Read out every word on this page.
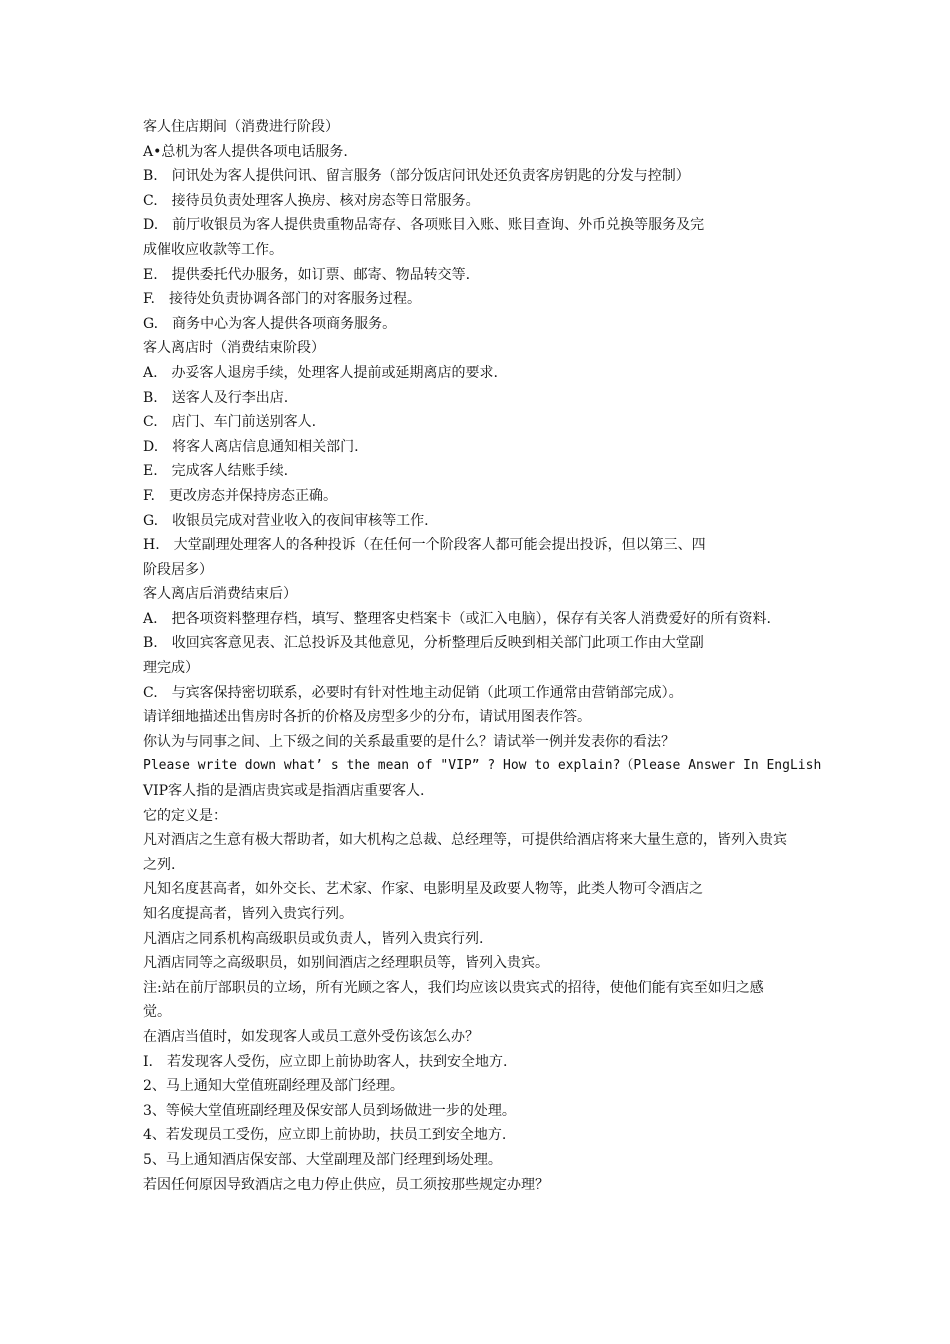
客人住店期间（消费进行阶段）
A•总机为客人提供各项电话服务.
B.　问讯处为客人提供问讯、留言服务（部分饭店问讯处还负责客房钥匙的分发与控制）
C.　接待员负责处理客人换房、核对房态等日常服务。
D.　前厅收银员为客人提供贵重物品寄存、各项账目入账、账目查询、外币兑换等服务及完
成催收应收款等工作。
E.　提供委托代办服务，如订票、邮寄、物品转交等.
F.　接待处负责协调各部门的对客服务过程。
G.　商务中心为客人提供各项商务服务。
客人离店时（消费结束阶段）
A.　办妥客人退房手续，处理客人提前或延期离店的要求.
B.　送客人及行李出店.
C.　店门、车门前送别客人.
D.　将客人离店信息通知相关部门.
E.　完成客人结账手续.
F.　更改房态并保持房态正确。
G.　收银员完成对营业收入的夜间审核等工作.
H.　大堂副理处理客人的各种投诉（在任何一个阶段客人都可能会提出投诉，但以第三、四
阶段居多）
客人离店后消费结束后）
A.　把各项资料整理存档，填写、整理客史档案卡（或汇入电脑），保存有关客人消费爱好的所有资料.
B.　收回宾客意见表、汇总投诉及其他意见，分析整理后反映到相关部门此项工作由大堂副
理完成）
C.　与宾客保持密切联系，必要时有针对性地主动促销（此项工作通常由营销部完成）。
请详细地描述出售房时各折的价格及房型多少的分布，请试用图表作答。
你认为与同事之间、上下级之间的关系最重要的是什么？请试举一例并发表你的看法？
Please write down what’ s the mean of "VIP” ? How to explain?（Please Answer In EngLish
VIP客人指的是酒店贵宾或是指酒店重要客人.
它的定义是：
凡对酒店之生意有极大帮助者，如大机构之总裁、总经理等，可提供给酒店将来大量生意的，皆列入贵宾
之列.
凡知名度甚高者，如外交长、艺术家、作家、电影明星及政要人物等，此类人物可令酒店之
知名度提高者，皆列入贵宾行列。
凡酒店之同系机构高级职员或负责人，皆列入贵宾行列.
凡酒店同等之高级职员，如别间酒店之经理职员等，皆列入贵宾。
注:站在前厅部职员的立场，所有光顾之客人，我们均应该以贵宾式的招待，使他们能有宾至如归之感
觉。
在酒店当值时，如发现客人或员工意外受伤该怎么办？
I.　若发现客人受伤，应立即上前协助客人，扶到安全地方.
2、马上通知大堂值班副经理及部门经理。
3、等候大堂值班副经理及保安部人员到场做进一步的处理。
4、若发现员工受伤，应立即上前协助，扶员工到安全地方.
5、马上通知酒店保安部、大堂副理及部门经理到场处理。
若因任何原因导致酒店之电力停止供应，员工须按那些规定办理？
